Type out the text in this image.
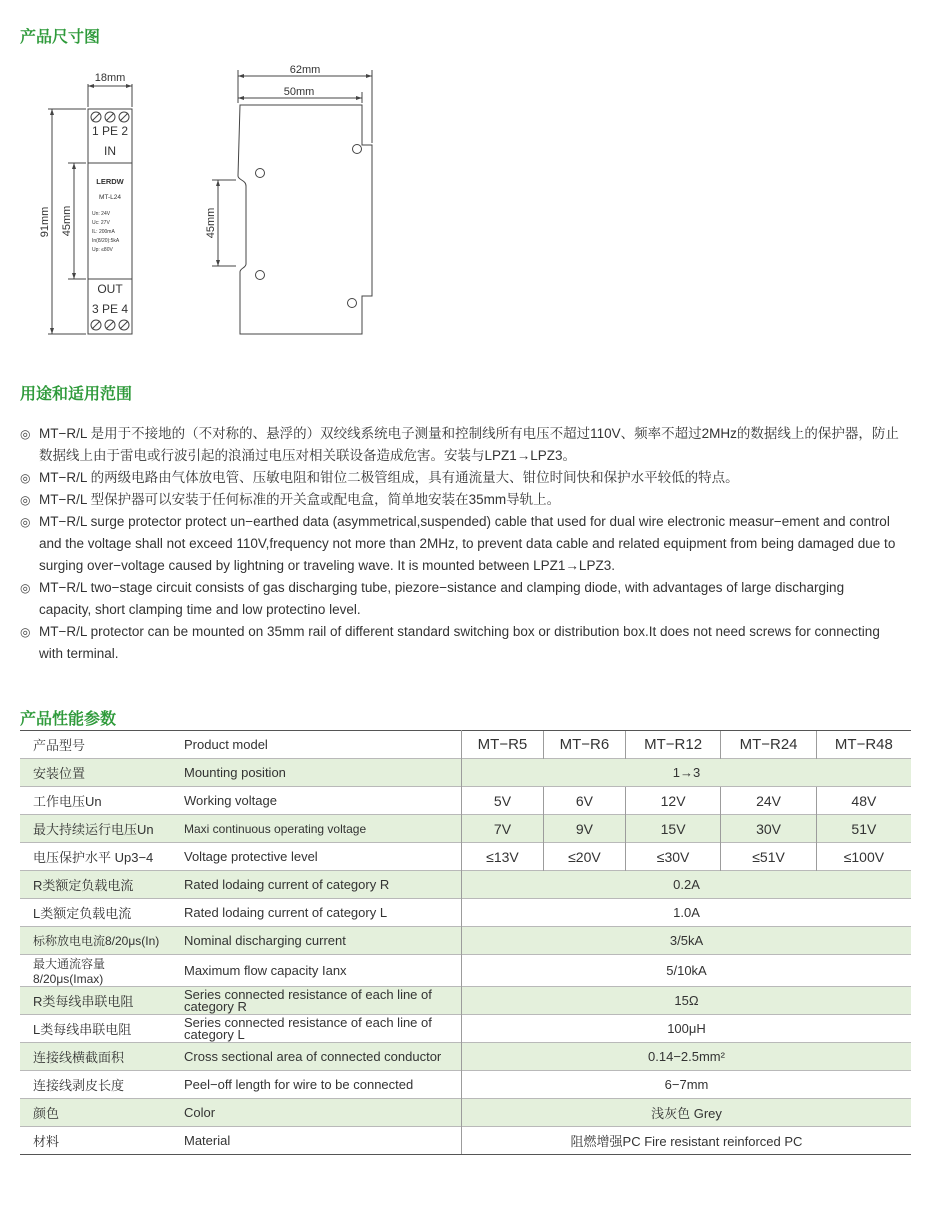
产品尺寸图
18mm
91mm 45mm
62mm
50mm
45mm
1 PE 2
IN
LERDW
MT-L24
Un: 24V
Uc: 27V
IL: 200mA
In(8/20):5kA
Up: ≤80V
OUT
3 PE 4
用途和适用范围
◎ MT−R/L 是用于不接地的（不对称的、悬浮的）双绞线系统电子测量和控制线所有电压不超过110V、频率不超过2MHz的数据线上的保护器，防止数据线上由于雷电或行波引起的浪涌过电压对相关联设备造成危害。安装与LPZ1→LPZ3。
◎ MT−R/L 的两级电路由气体放电管、压敏电阻和钳位二极管组成，具有通流量大、钳位时间快和保护水平较低的特点。
◎ MT−R/L 型保护器可以安装于任何标准的开关盒或配电盒，简单地安装在35mm导轨上。
◎ MT−R/L surge protector protect un−earthed data (asymmetrical,suspended) cable that used for dual wire electronic measur−ement and control and the voltage shall not exceed 110V,frequency not more than 2MHz, to prevent data cable and related equipment from being damaged due to surging over−voltage caused by lightning or traveling wave. It is mounted between LPZ1→LPZ3.
◎ MT−R/L two−stage circuit consists of gas discharging tube, piezore−sistance and clamping diode, with advantages of large discharging capacity, short clamping time and low protectino level.
◎ MT−R/L protector can be mounted on 35mm rail of different standard switching box or distribution box.It does not need screws for connecting with terminal.
产品性能参数
产品型号	Product model	MT−R5	MT−R6	MT−R12	MT−R24	MT−R48
安装位置	Mounting position	1→3				
工作电压Un	Working voltage	5V	6V	12V	24V	48V
最大持续运行电压Un	Maxi continuous operating voltage	7V	9V	15V	30V	51V
电压保护水平 Up3−4	Voltage protective level	≤13V	≤20V	≤30V	≤51V	≤100V
R类额定负载电流	Rated lodaing current of category R	0.2A				
L类额定负载电流	Rated lodaing current of category L	1.0A				
标称放电电流8/20μs(In)	Nominal discharging current	3/5kA				
最大通流容量8/20μs(Imax)	Maximum flow capacity Ianx	5/10kA				
R类每线串联电阻	Series connected resistance of each line of category R	15Ω				
L类每线串联电阻	Series connected resistance of each line of category L	100μH				
连接线横截面积	Cross sectional area of connected conductor	0.14−2.5mm²				
连接线剥皮长度	Peel−off length for wire to be connected	6−7mm				
颜色	Color	浅灰色 Grey				
材料	Material	阻燃增强PC Fire resistant reinforced PC				
